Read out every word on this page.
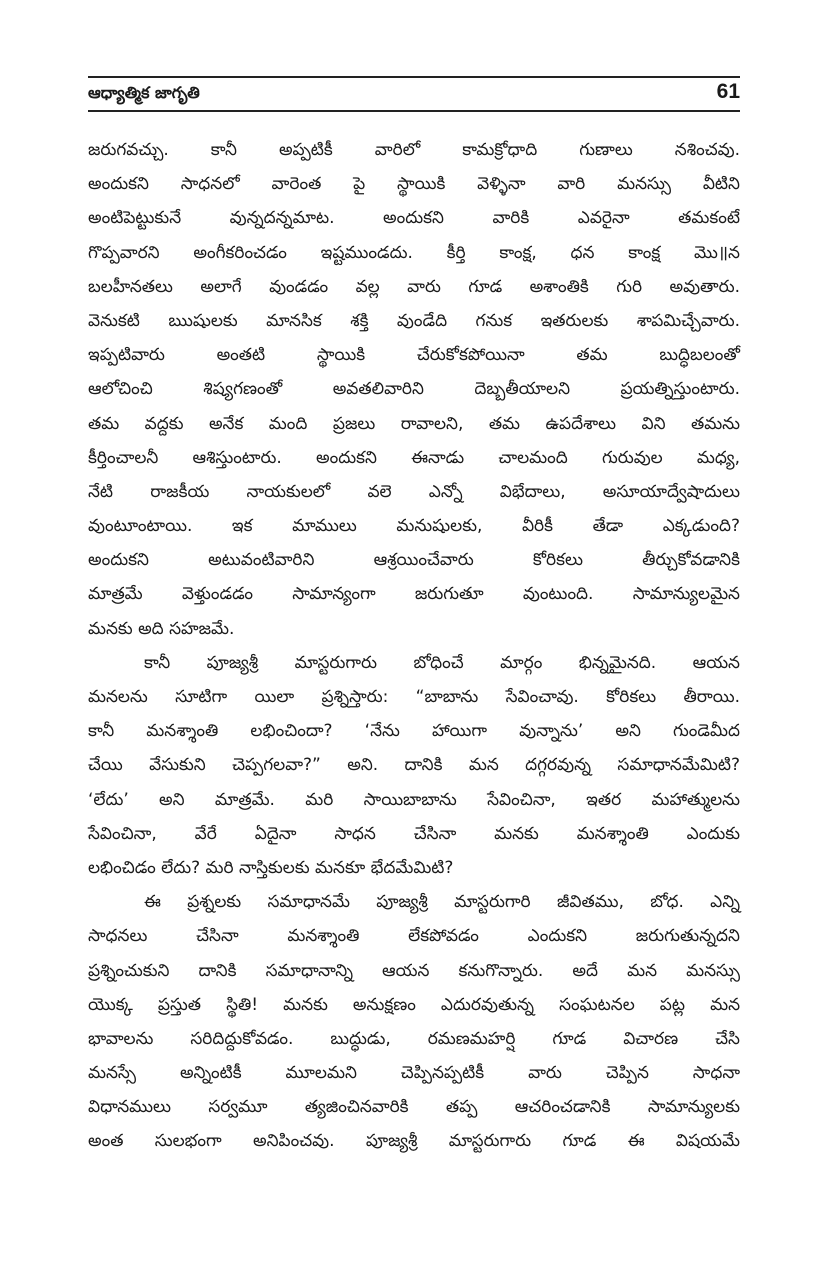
ఆధ్యాత్మిక జాగృతి	61
జరుగవచ్చు. కానీ అప్పటికీ వారిలో కామక్రోధాది గుణాలు నశించవు.
అందుకని సాధనలో వారెంత పై స్థాయికి వెళ్ళినా వారి మనస్సు వీటిని
అంటిపెట్టుకునే వున్నదన్నమాట. అందుకని వారికి ఎవరైనా తమకంటే
గొప్పవారని అంగీకరించడం ఇష్టముండదు. కీర్తి కాంక్ష, ధన కాంక్ష మొ॥న
బలహీనతలు అలాగే వుండడం వల్ల వారు గూడ అశాంతికి గురి అవుతారు.
వెనుకటి ఋషులకు మానసిక శక్తి వుండేది గనుక ఇతరులకు శాపమిచ్చేవారు.
ఇప్పటివారు అంతటి స్థాయికి చేరుకోకపోయినా తమ బుద్ధిబలంతో
ఆలోచించి శిష్యగణంతో అవతలివారిని దెబ్బతీయాలని ప్రయత్నిస్తుంటారు.
తమ వద్దకు అనేక మంది ప్రజలు రావాలని, తమ ఉపదేశాలు విని తమను
కీర్తించాలనీ ఆశిస్తుంటారు. అందుకని ఈనాడు చాలమంది గురువుల మధ్య,
నేటి రాజకీయ నాయకులలో వలె ఎన్నో విభేదాలు, అసూయాద్వేషాదులు
వుంటూంటాయి. ఇక మాములు మనుషులకు, వీరికీ తేడా ఎక్కడుంది?
అందుకని అటువంటివారిని ఆశ్రయించేవారు కోరికలు తీర్చుకోవడానికి
మాత్రమే వెళ్తుండడం సామాన్యంగా జరుగుతూ వుంటుంది. సామాన్యులమైన
మనకు అది సహజమే.
కానీ పూజ్యశ్రీ మాస్టరుగారు బోధించే మార్గం భిన్నమైనది. ఆయన
మనలను సూటిగా యిలా ప్రశ్నిస్తారు: “బాబాను సేవించావు. కోరికలు తీరాయి.
కానీ మనశ్శాంతి లభించిందా? ‘నేను హాయిగా వున్నాను’ అని గుండెమీద
చేయి వేసుకుని చెప్పగలవా?” అని. దానికి మన దగ్గరవున్న సమాధానమేమిటి?
‘లేదు’ అని మాత్రమే. మరి సాయిబాబాను సేవించినా, ఇతర మహాత్ములను
సేవించినా, వేరే ఏదైనా సాధన చేసినా మనకు మనశ్శాంతి ఎందుకు
లభించిడం లేదు? మరి నాస్తికులకు మనకూ భేదమేమిటి?
ఈ ప్రశ్నలకు సమాధానమే పూజ్యశ్రీ మాస్టరుగారి జీవితము, బోధ. ఎన్ని
సాధనలు చేసినా మనశ్శాంతి లేకపోవడం ఎందుకని జరుగుతున్నదని
ప్రశ్నించుకుని దానికి సమాధానాన్ని ఆయన కనుగొన్నారు. అదే మన మనస్సు
యొక్క ప్రస్తుత స్థితి! మనకు అనుక్షణం ఎదురవుతున్న సంఘటనల పట్ల మన
భావాలను సరిదిద్దుకోవడం. బుద్ధుడు, రమణమహర్షి గూడ విచారణ చేసి
మనస్సే అన్నింటికీ మూలమని చెప్పినప్పటికీ వారు చెప్పిన సాధనా
విధానములు సర్వమూ త్యజించినవారికి తప్ప ఆచరించడానికి సామాన్యులకు
అంత సులభంగా అనిపించవు. పూజ్యశ్రీ మాస్టరుగారు గూడ ఈ విషయమే
